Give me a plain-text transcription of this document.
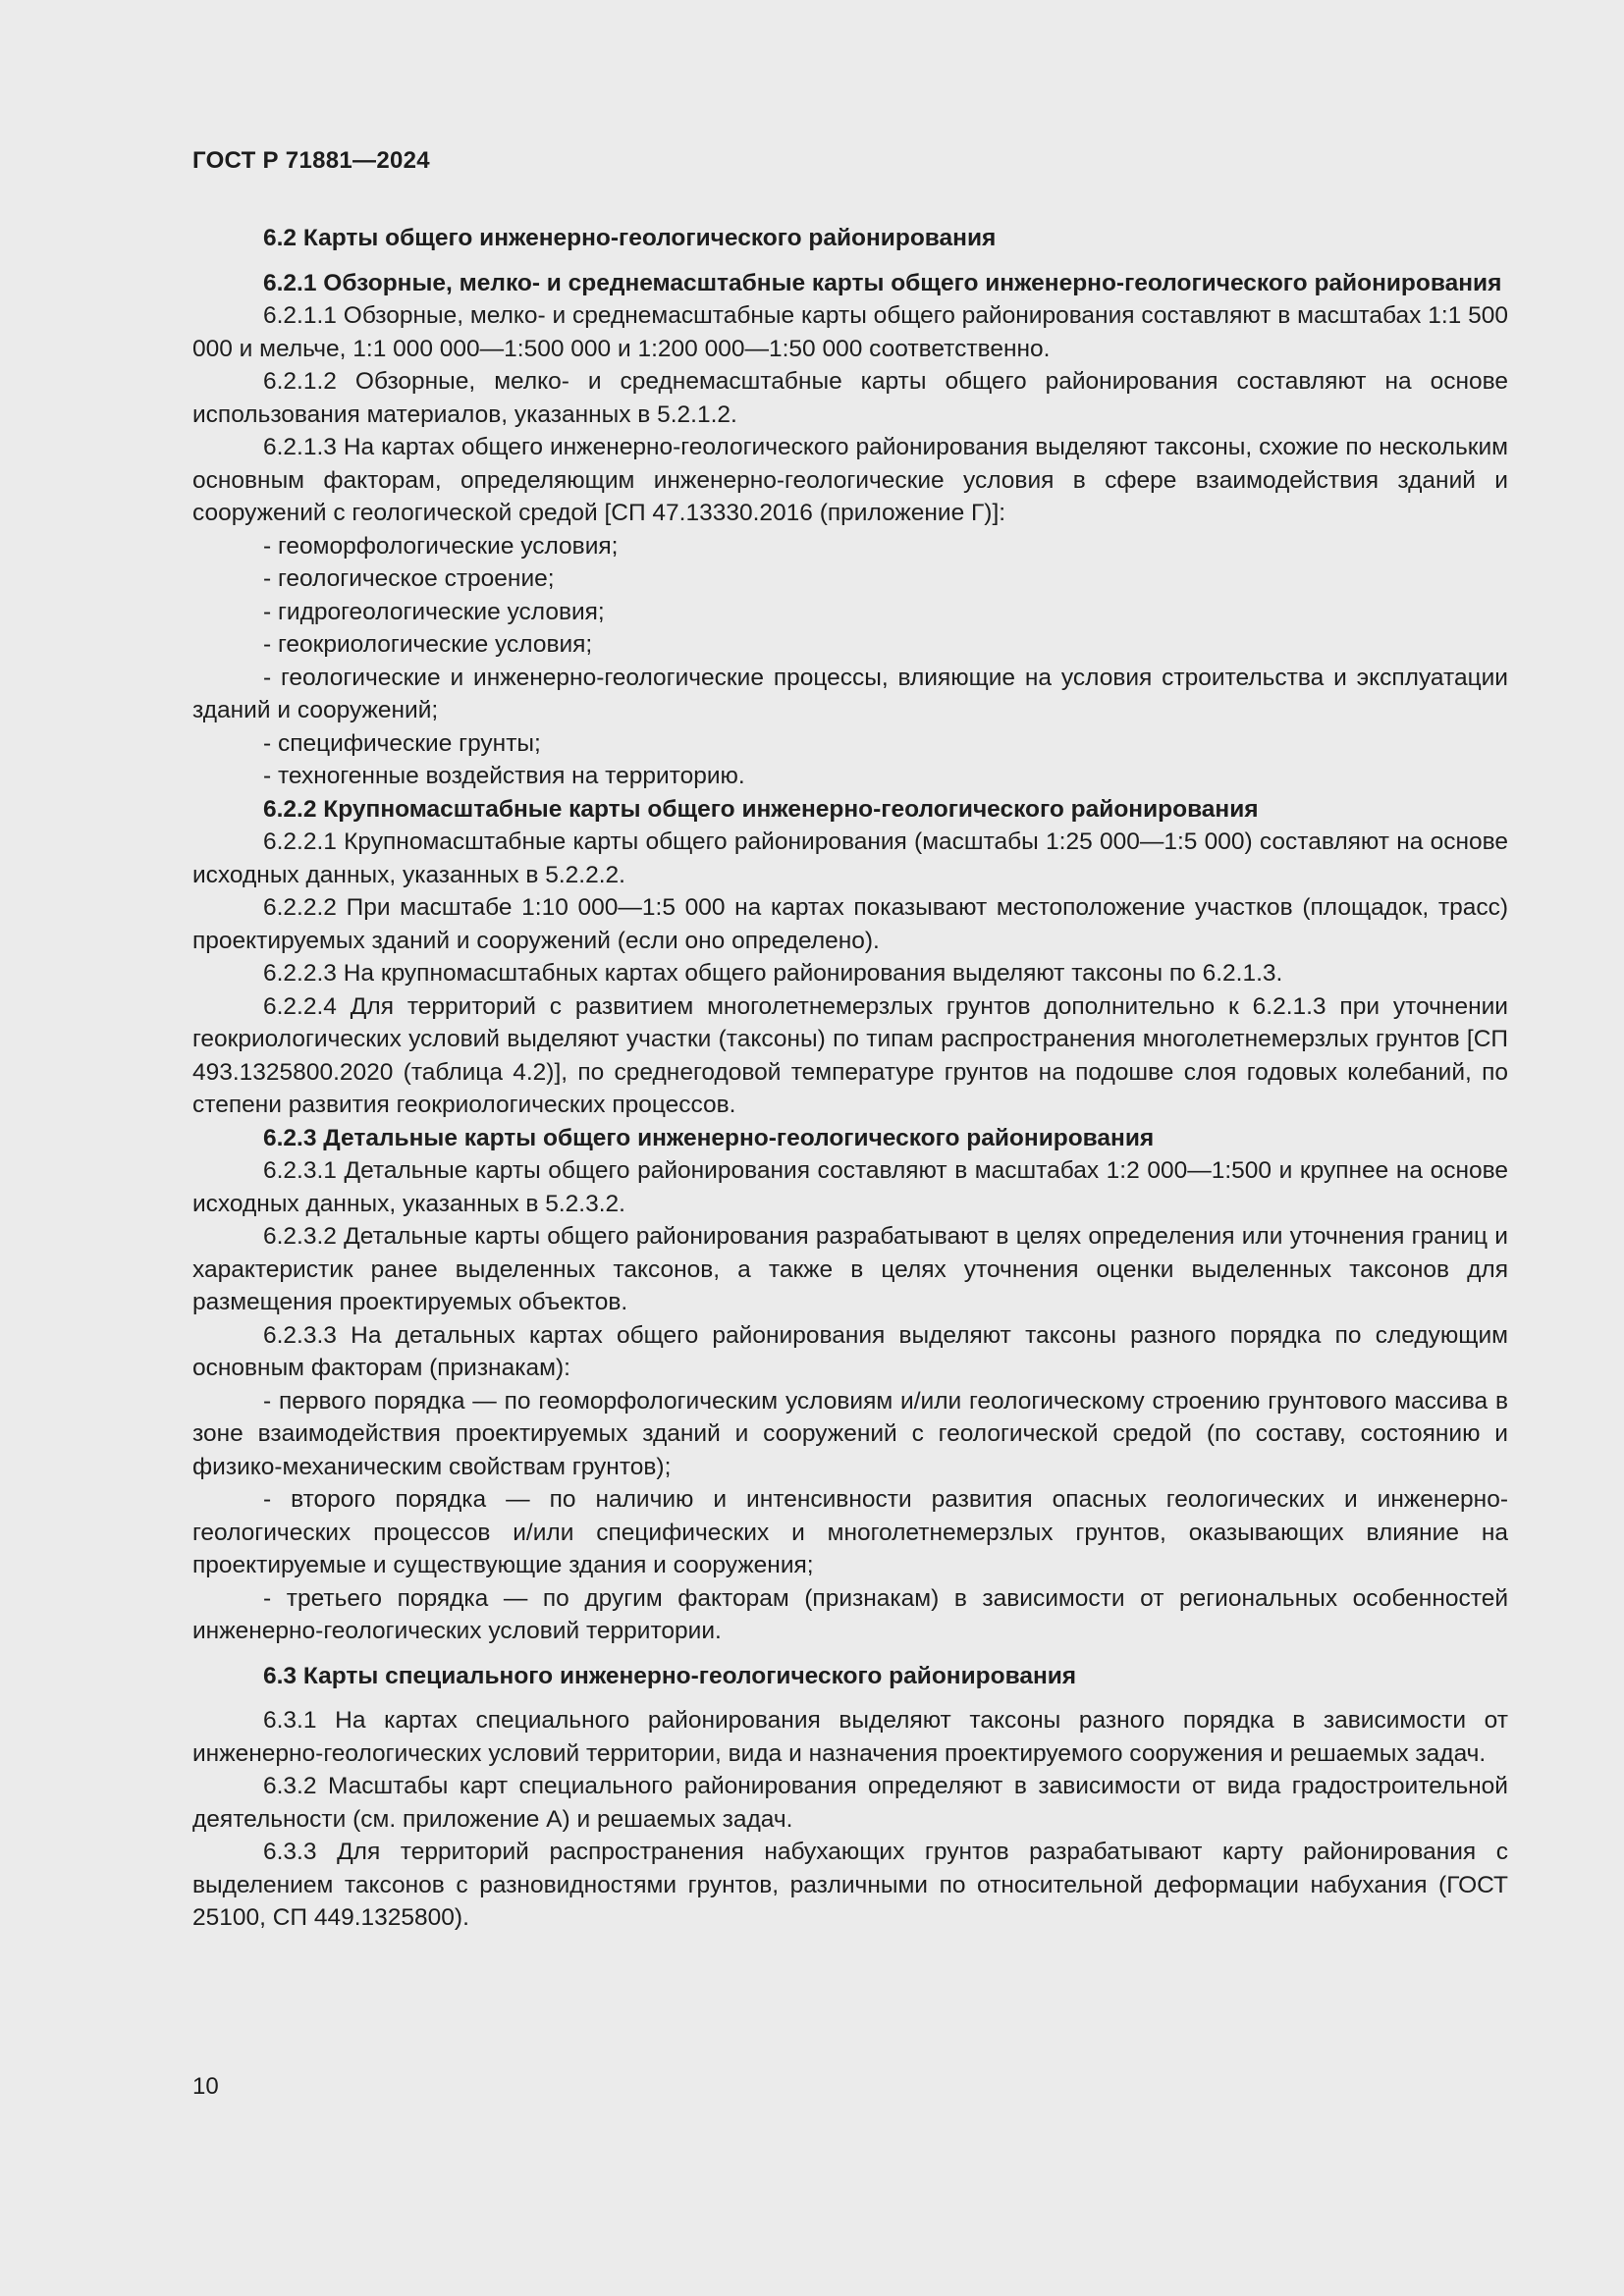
ГОСТ Р 71881—2024

6.2 Карты общего инженерно-геологического районирования

6.2.1 Обзорные, мелко- и среднемасштабные карты общего инженерно-геологического районирования

6.2.1.1 Обзорные, мелко- и среднемасштабные карты общего районирования составляют в масштабах 1:1 500 000 и мельче, 1:1 000 000—1:500 000 и 1:200 000—1:50 000 соответственно.

6.2.1.2 Обзорные, мелко- и среднемасштабные карты общего районирования составляют на основе использования материалов, указанных в 5.2.1.2.

6.2.1.3 На картах общего инженерно-геологического районирования выделяют таксоны, схожие по нескольким основным факторам, определяющим инженерно-геологические условия в сфере взаимодействия зданий и сооружений с геологической средой [СП 47.13330.2016 (приложение Г)]:

- геоморфологические условия;

- геологическое строение;

- гидрогеологические условия;

- геокриологические условия;

- геологические и инженерно-геологические процессы, влияющие на условия строительства и эксплуатации зданий и сооружений;

- специфические грунты;

- техногенные воздействия на территорию.

6.2.2 Крупномасштабные карты общего инженерно-геологического районирования

6.2.2.1 Крупномасштабные карты общего районирования (масштабы 1:25 000—1:5 000) составляют на основе исходных данных, указанных в 5.2.2.2.

6.2.2.2 При масштабе 1:10 000—1:5 000 на картах показывают местоположение участков (площадок, трасс) проектируемых зданий и сооружений (если оно определено).

6.2.2.3 На крупномасштабных картах общего районирования выделяют таксоны по 6.2.1.3.

6.2.2.4 Для территорий с развитием многолетнемерзлых грунтов дополнительно к 6.2.1.3 при уточнении геокриологических условий выделяют участки (таксоны) по типам распространения многолетнемерзлых грунтов [СП 493.1325800.2020 (таблица 4.2)], по среднегодовой температуре грунтов на подошве слоя годовых колебаний, по степени развития геокриологических процессов.

6.2.3 Детальные карты общего инженерно-геологического районирования

6.2.3.1 Детальные карты общего районирования составляют в масштабах 1:2 000—1:500 и крупнее на основе исходных данных, указанных в 5.2.3.2.

6.2.3.2 Детальные карты общего районирования разрабатывают в целях определения или уточнения границ и характеристик ранее выделенных таксонов, а также в целях уточнения оценки выделенных таксонов для размещения проектируемых объектов.

6.2.3.3 На детальных картах общего районирования выделяют таксоны разного порядка по следующим основным факторам (признакам):

- первого порядка — по геоморфологическим условиям и/или геологическому строению грунтового массива в зоне взаимодействия проектируемых зданий и сооружений с геологической средой (по составу, состоянию и физико-механическим свойствам грунтов);

- второго порядка — по наличию и интенсивности развития опасных геологических и инженерно-геологических процессов и/или специфических и многолетнемерзлых грунтов, оказывающих влияние на проектируемые и существующие здания и сооружения;

- третьего порядка — по другим факторам (признакам) в зависимости от региональных особенностей инженерно-геологических условий территории.

6.3 Карты специального инженерно-геологического районирования

6.3.1 На картах специального районирования выделяют таксоны разного порядка в зависимости от инженерно-геологических условий территории, вида и назначения проектируемого сооружения и решаемых задач.

6.3.2 Масштабы карт специального районирования определяют в зависимости от вида градостроительной деятельности (см. приложение А) и решаемых задач.

6.3.3 Для территорий распространения набухающих грунтов разрабатывают карту районирования с выделением таксонов с разновидностями грунтов, различными по относительной деформации набухания (ГОСТ 25100, СП 449.1325800).

10
